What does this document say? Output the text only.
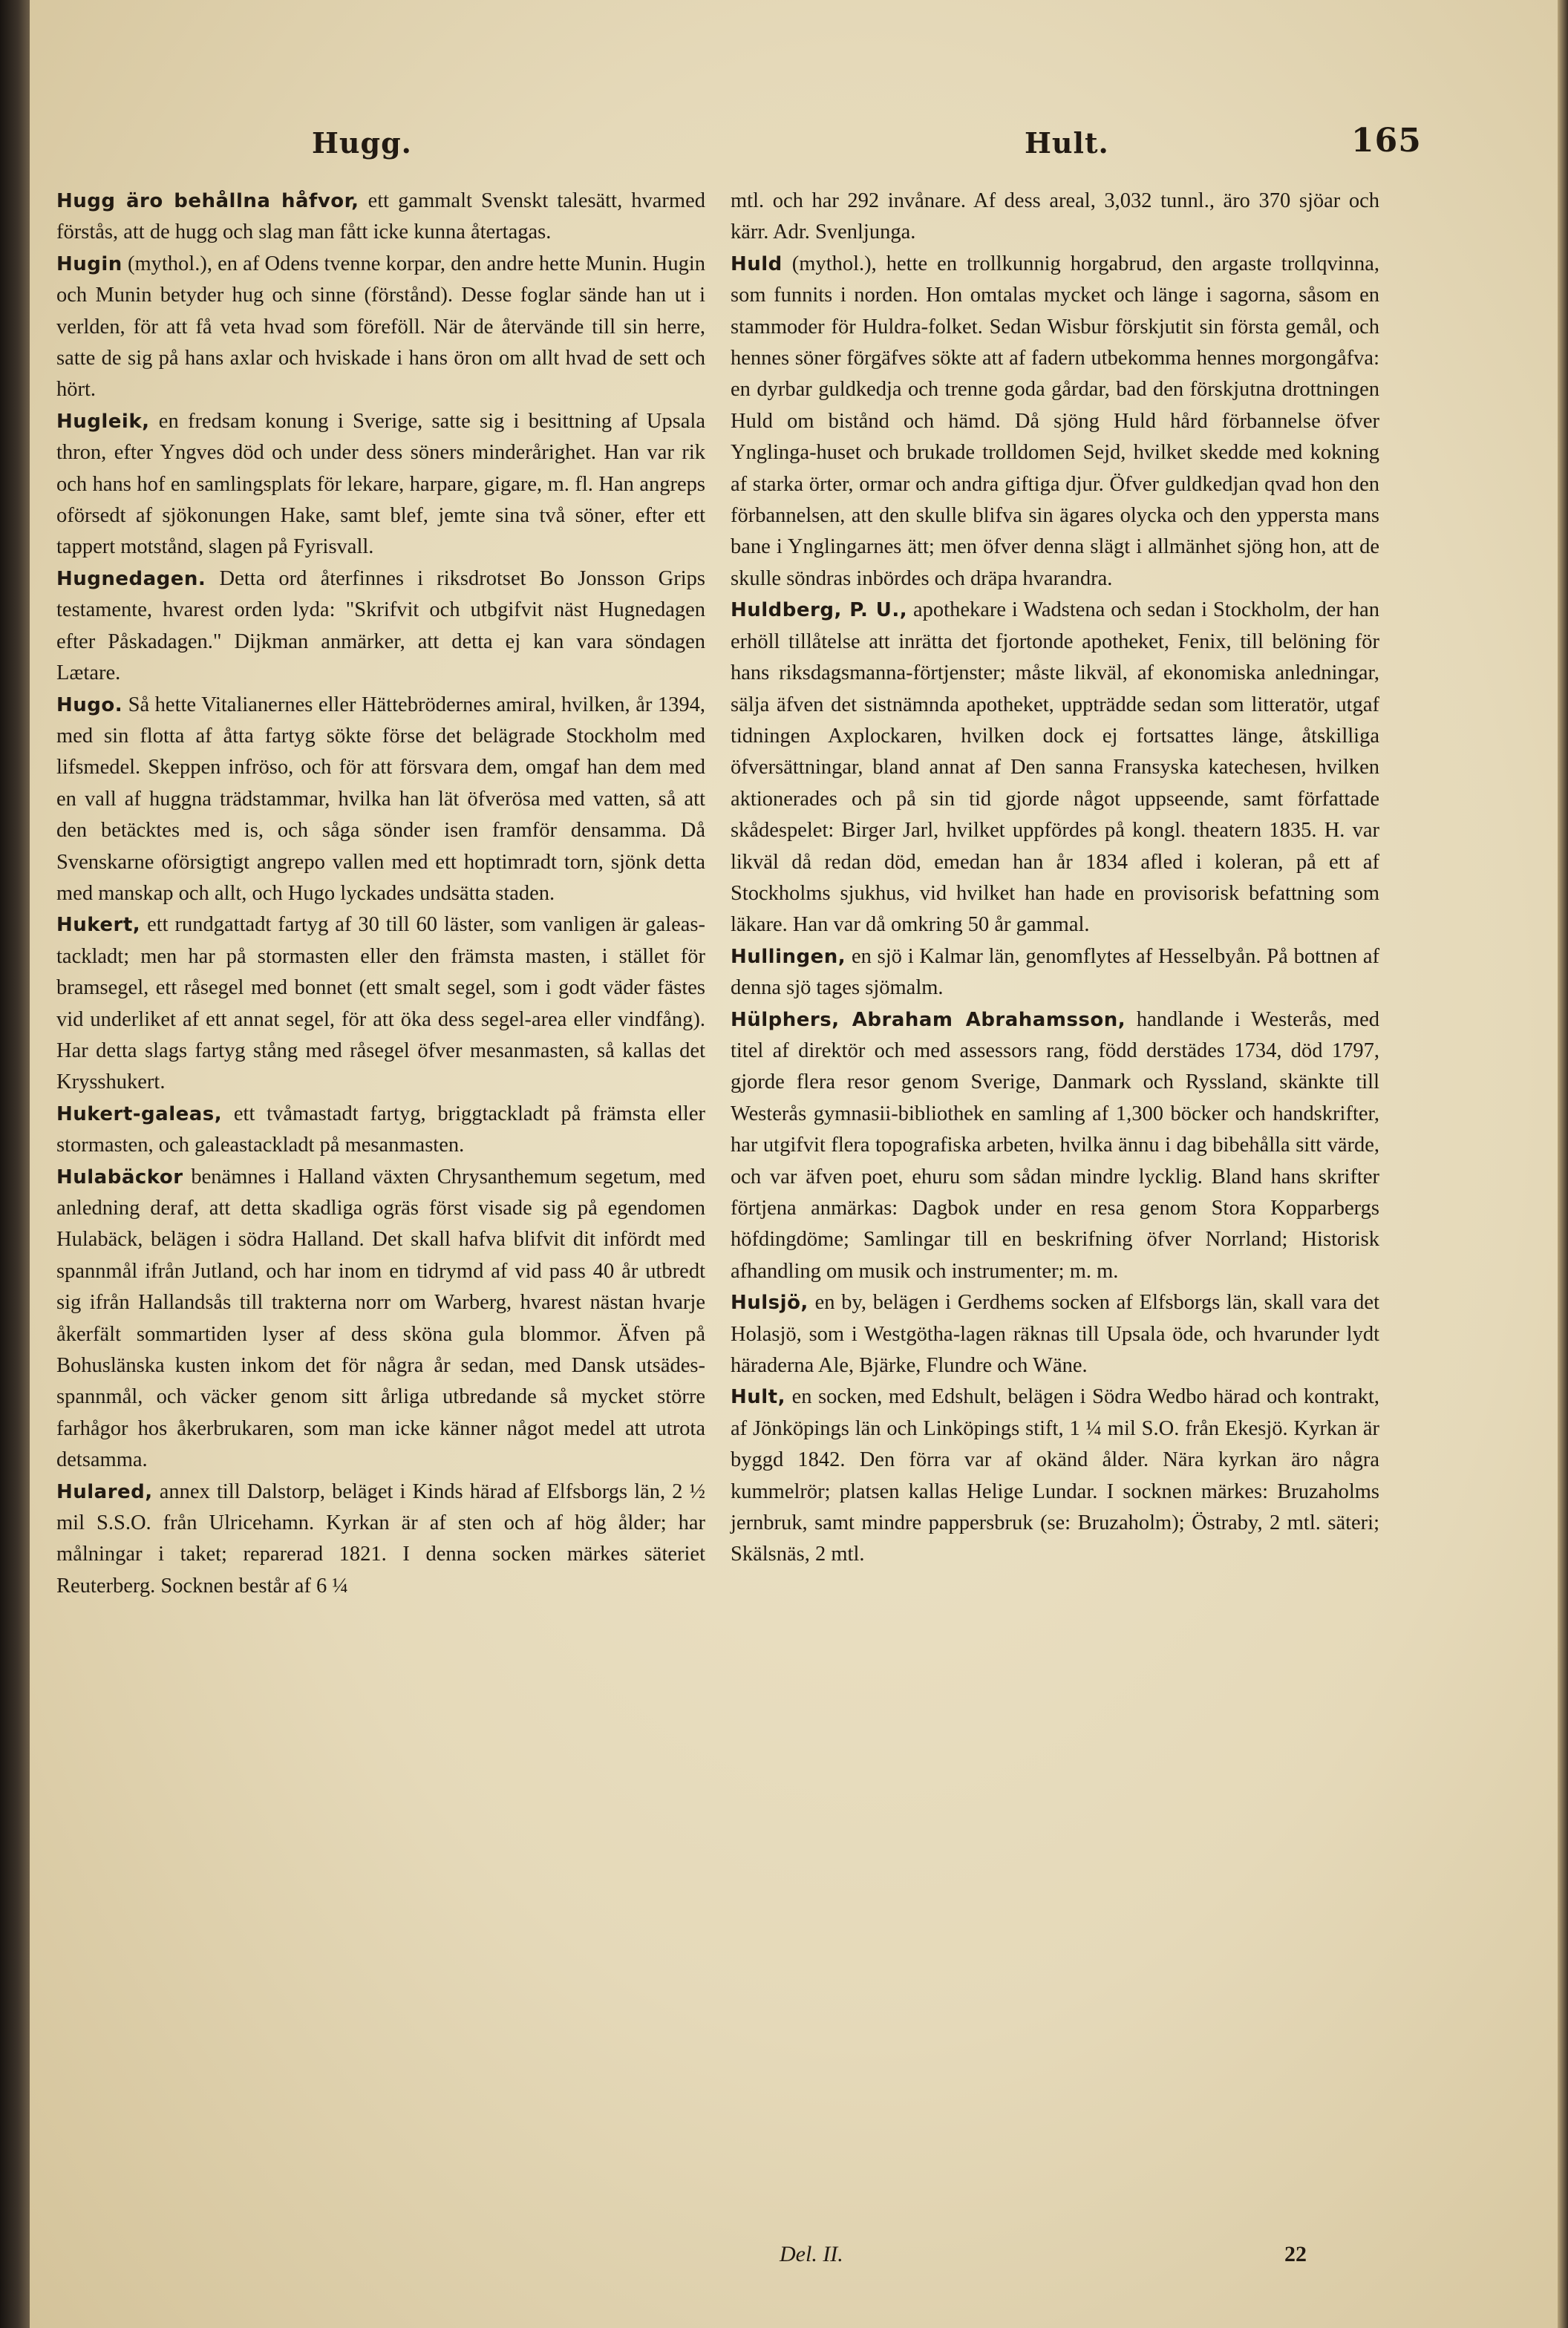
Hugg.	Hult.	165

Hugg äro behållna håfvor, ett gammalt Svenskt talesätt, hvarmed förstås, att de hugg och slag man fått icke kunna återtagas.

Hugin (mythol.), en af Odens tvenne korpar, den andre hette Munin. Hugin och Munin betyder hug och sinne (förstånd). Desse foglar sände han ut i verlden, för att få veta hvad som föreföll. När de återvände till sin herre, satte de sig på hans axlar och hviskade i hans öron om allt hvad de sett och hört.

Hugleik, en fredsam konung i Sverige, satte sig i besittning af Upsala thron, efter Yngves död och under dess söners minderårighet. Han var rik och hans hof en samlingsplats för lekare, harpare, gigare, m. fl. Han angreps oförsedt af sjökonungen Hake, samt blef, jemte sina två söner, efter ett tappert motstånd, slagen på Fyrisvall.

Hugnedagen. Detta ord återfinnes i riksdrotset Bo Jonsson Grips testamente, hvarest orden lyda: "Skrifvit och utbgifvit näst Hugnedagen efter Påskadagen." Dijkman anmärker, att detta ej kan vara söndagen Lætare.

Hugo. Så hette Vitalianernes eller Hättebrödernes amiral, hvilken, år 1394, med sin flotta af åtta fartyg sökte förse det belägrade Stockholm med lifsmedel. Skeppen infröso, och för att försvara dem, omgaf han dem med en vall af huggna trädstammar, hvilka han lät öfverösa med vatten, så att den betäcktes med is, och såga sönder isen framför densamma. Då Svenskarne oförsigtigt angrepo vallen med ett hoptimradt torn, sjönk detta med manskap och allt, och Hugo lyckades undsätta staden.

Hukert, ett rundgattadt fartyg af 30 till 60 läster, som vanligen är galeas-tackladt; men har på stormasten eller den främsta masten, i stället för bramsegel, ett råsegel med bonnet (ett smalt segel, som i godt väder fästes vid underliket af ett annat segel, för att öka dess segel-area eller vindfång). Har detta slags fartyg stång med råsegel öfver mesanmasten, så kallas det Krysshukert.

Hukert-galeas, ett tvåmastadt fartyg, briggtackladt på främsta eller stormasten, och galeastackladt på mesanmasten.

Hulabäckor benämnes i Halland växten Chrysanthemum segetum, med anledning deraf, att detta skadliga ogräs först visade sig på egendomen Hulabäck, belägen i södra Halland. Det skall hafva blifvit dit infördt med spannmål ifrån Jutland, och har inom en tidrymd af vid pass 40 år utbredt sig ifrån Hallandsås till trakterna norr om Warberg, hvarest nästan hvarje åkerfält sommartiden lyser af dess sköna gula blommor. Äfven på Bohuslänska kusten inkom det för några år sedan, med Dansk utsädes-spannmål, och väcker genom sitt årliga utbredande så mycket större farhågor hos åkerbrukaren, som man icke känner något medel att utrota detsamma.

Hulared, annex till Dalstorp, beläget i Kinds härad af Elfsborgs län, 2 ½ mil S.S.O. från Ulricehamn. Kyrkan är af sten och af hög ålder; har målningar i taket; reparerad 1821. I denna socken märkes säteriet Reuterberg. Socknen består af 6 ¼

mtl. och har 292 invånare. Af dess areal, 3,032 tunnl., äro 370 sjöar och kärr. Adr. Svenljunga.

Huld (mythol.), hette en trollkunnig horgabrud, den argaste trollqvinna, som funnits i norden. Hon omtalas mycket och länge i sagorna, såsom en stammoder för Huldra-folket. Sedan Wisbur förskjutit sin första gemål, och hennes söner förgäfves sökte att af fadern utbekomma hennes morgongåfva: en dyrbar guldkedja och trenne goda gårdar, bad den förskjutna drottningen Huld om bistånd och hämd. Då sjöng Huld hård förbannelse öfver Ynglinga-huset och brukade trolldomen Sejd, hvilket skedde med kokning af starka örter, ormar och andra giftiga djur. Öfver guldkedjan qvad hon den förbannelsen, att den skulle blifva sin ägares olycka och den yppersta mans bane i Ynglingarnes ätt; men öfver denna slägt i allmänhet sjöng hon, att de skulle söndras inbördes och dräpa hvarandra.

Huldberg, P. U., apothekare i Wadstena och sedan i Stockholm, der han erhöll tillåtelse att inrätta det fjortonde apotheket, Fenix, till belöning för hans riksdagsmanna-förtjenster; måste likväl, af ekonomiska anledningar, sälja äfven det sistnämnda apotheket, uppträdde sedan som litteratör, utgaf tidningen Axplockaren, hvilken dock ej fortsattes länge, åtskilliga öfversättningar, bland annat af Den sanna Fransyska katechesen, hvilken aktionerades och på sin tid gjorde något uppseende, samt författade skådespelet: Birger Jarl, hvilket uppfördes på kongl. theatern 1835. H. var likväl då redan död, emedan han år 1834 afled i koleran, på ett af Stockholms sjukhus, vid hvilket han hade en provisorisk befattning som läkare. Han var då omkring 50 år gammal.

Hullingen, en sjö i Kalmar län, genomflytes af Hesselbyån. På bottnen af denna sjö tages sjömalm.

Hülphers, Abraham Abrahamsson, handlande i Westerås, med titel af direktör och med assessors rang, född derstädes 1734, död 1797, gjorde flera resor genom Sverige, Danmark och Ryssland, skänkte till Westerås gymnasii-bibliothek en samling af 1,300 böcker och handskrifter, har utgifvit flera topografiska arbeten, hvilka ännu i dag bibehålla sitt värde, och var äfven poet, ehuru som sådan mindre lycklig. Bland hans skrifter förtjena anmärkas: Dagbok under en resa genom Stora Kopparbergs höfdingdöme; Samlingar till en beskrifning öfver Norrland; Historisk afhandling om musik och instrumenter; m. m.

Hulsjö, en by, belägen i Gerdhems socken af Elfsborgs län, skall vara det Holasjö, som i Westgötha-lagen räknas till Upsala öde, och hvarunder lydt häraderna Ale, Bjärke, Flundre och Wäne.

Hult, en socken, med Edshult, belägen i Södra Wedbo härad och kontrakt, af Jönköpings län och Linköpings stift, 1 ¼ mil S.O. från Ekesjö. Kyrkan är byggd 1842. Den förra var af okänd ålder. Nära kyrkan äro några kummelrör; platsen kallas Helige Lundar. I socknen märkes: Bruzaholms jernbruk, samt mindre pappersbruk (se: Bruzaholm); Östraby, 2 mtl. säteri; Skälsnäs, 2 mtl.

Del. II.	22
